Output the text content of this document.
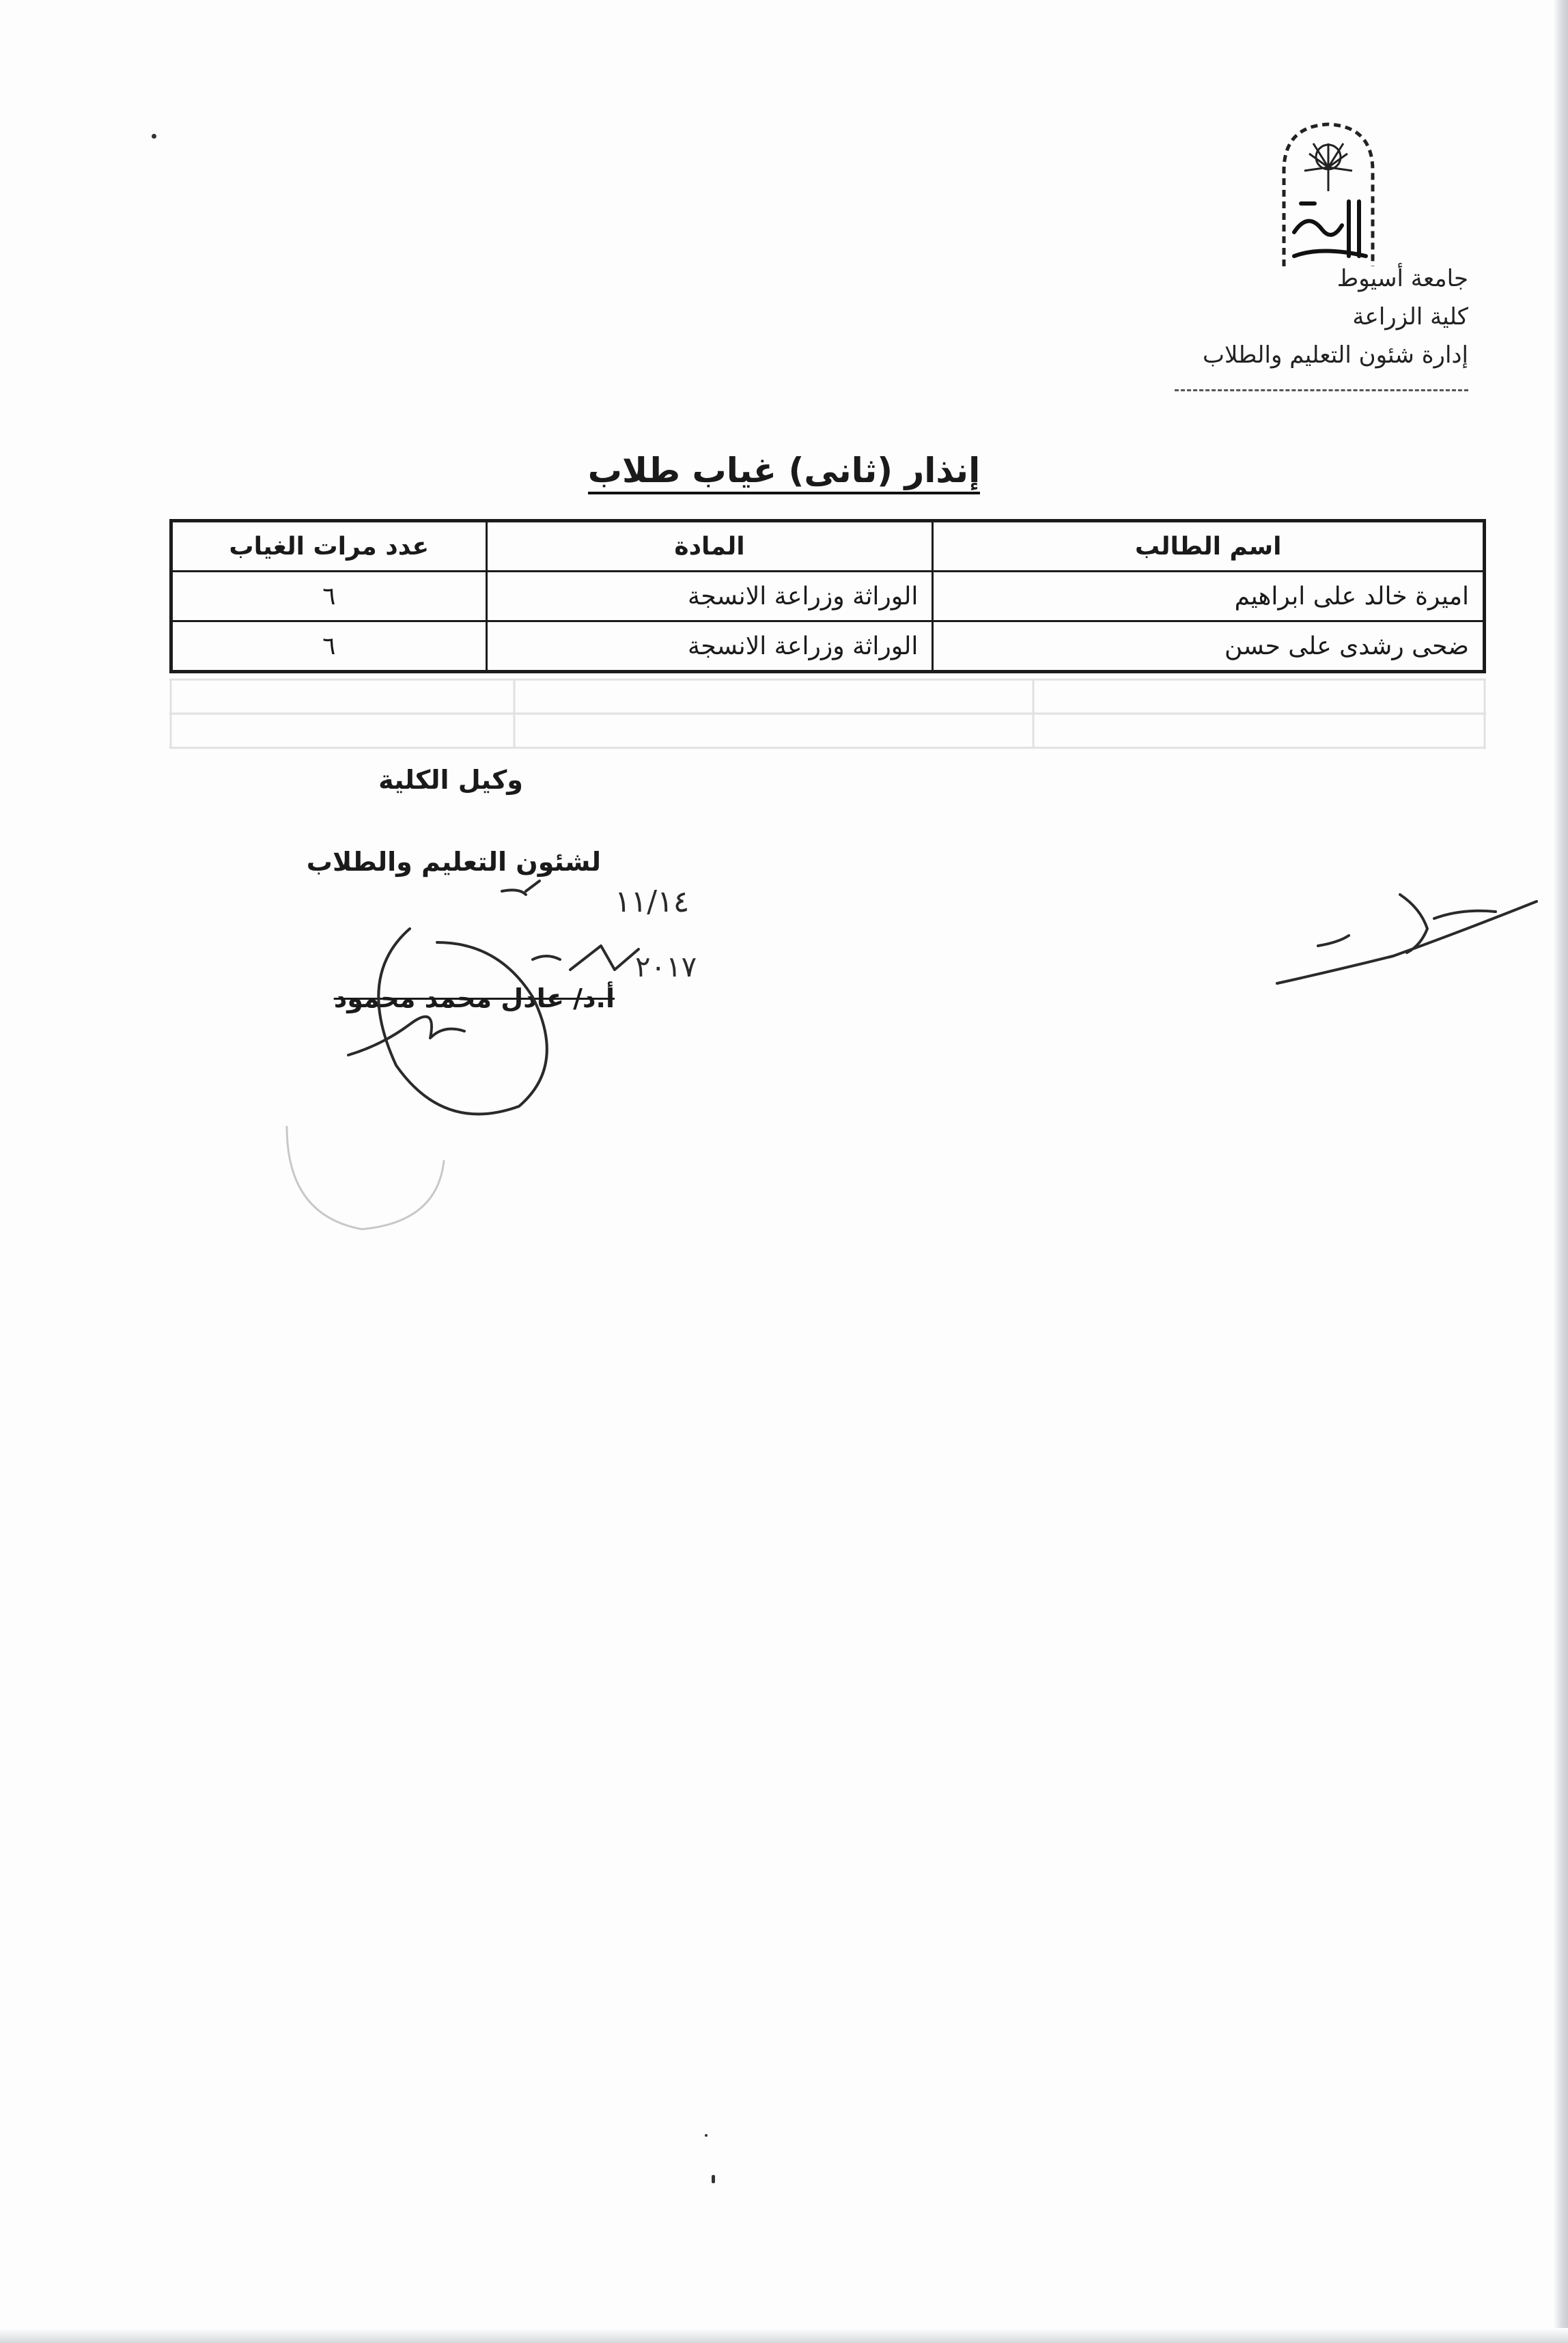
جامعة أسيوط
كلية الزراعة
إدارة شئون التعليم والطلاب
إنذار (ثانى) غياب طلاب
اسم الطالب	المادة	عدد مرات الغياب
اميرة خالد على ابراهيم	الوراثة وزراعة الانسجة	٦
ضحى رشدى على حسن	الوراثة وزراعة الانسجة	٦
وكيل الكلية
لشئون التعليم والطلاب
أ.د/ عادل محمد محمود
١١/١٤
٢٠١٧
